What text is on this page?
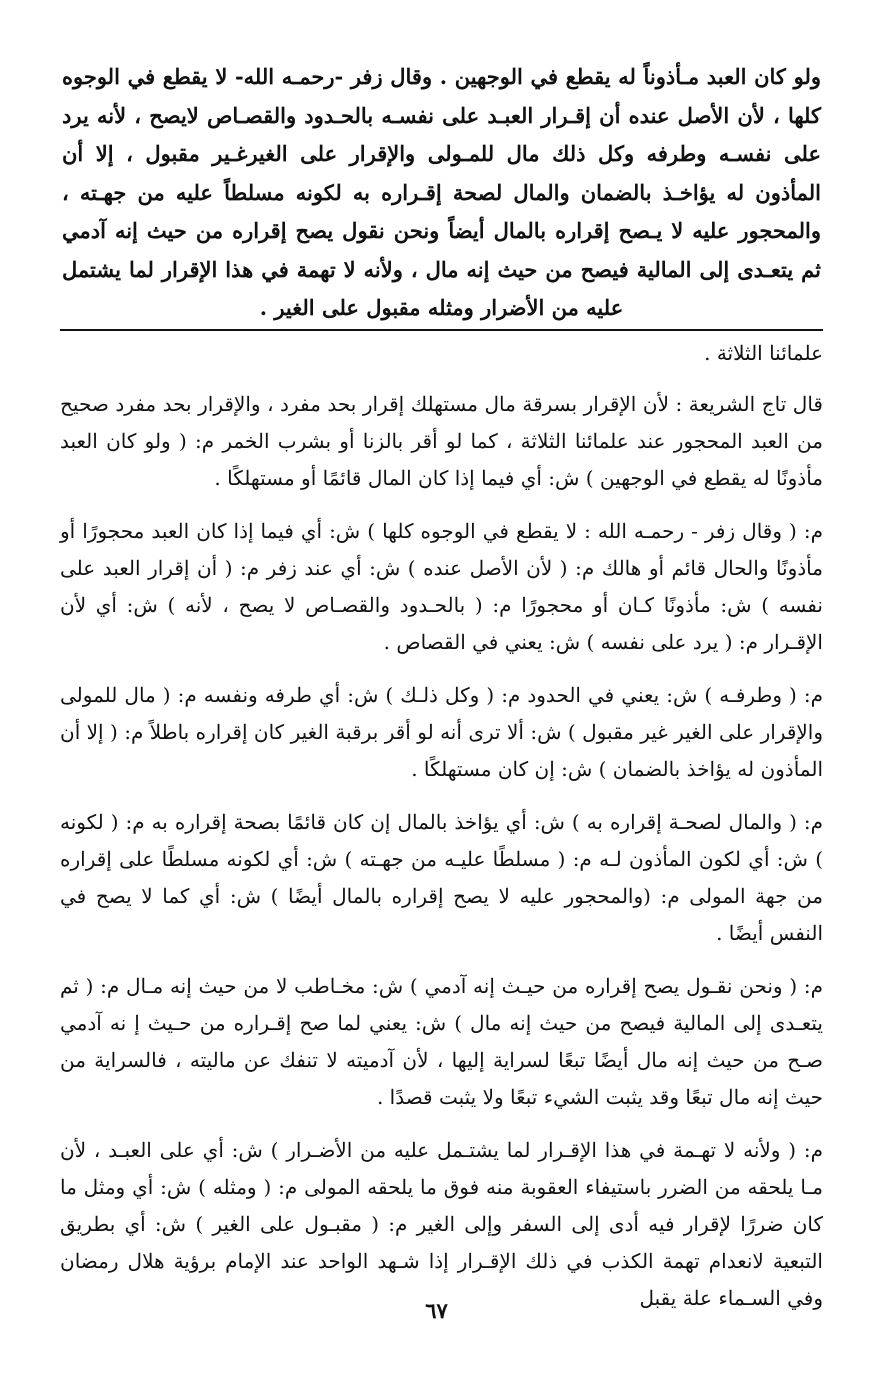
ولو كان العبد مـأذوناً له يقطع في الوجهين . وقال زفر -رحمـه الله- لا يقطع في الوجوه كلها ، لأن الأصل عنده أن إقـرار العبـد على نفسـه بالحـدود والقصـاص لايصح ، لأنه يرد على نفسـه وطرفه وكل ذلك مال للمـولى والإقرار على الغيرغـير مقبول ، إلا أن المأذون له يؤاخـذ بالضمان والمال لصحة إقـراره به لكونه مسلطاً عليه من جهـته ، والمحجور عليه لا يـصح إقراره بالمال أيضاً ونحن نقول يصح إقراره من حيث إنه آدمي ثم يتعـدى إلى المالية فيصح من حيث إنه مال ، ولأنه لا تهمة في هذا الإقرار لما يشتمل عليه من الأضرار ومثله مقبول على الغير .

علمائنا الثلاثة .

قال تاج الشريعة : لأن الإقرار بسرقة مال مستهلك إقرار بحد مفرد ، والإقرار بحد مفرد صحيح من العبد المحجور عند علمائنا الثلاثة ، كما لو أقر بالزنا أو بشرب الخمر م: ( ولو كان العبد مأذونًا له يقطع في الوجهين ) ش: أي فيما إذا كان المال قائمًا أو مستهلكًا .

م: ( وقال زفر - رحمـه الله : لا يقطع في الوجوه كلها ) ش: أي فيما إذا كان العبد محجورًا أو مأذونًا والحال قائم أو هالك م: ( لأن الأصل عنده ) ش: أي عند زفر م: ( أن إقرار العبد على نفسه ) ش: مأذونًا كـان أو محجورًا م: ( بالحـدود والقصـاص لا يصح ، لأنه ) ش: أي لأن الإقـرار م: ( يرد على نفسه ) ش: يعني في القصاص .

م: ( وطرفـه ) ش: يعني في الحدود م: ( وكل ذلـك ) ش: أي طرفه ونفسه م: ( مال للمولى والإقرار على الغير غير مقبول ) ش: ألا ترى أنه لو أقر برقبة الغير كان إقراره باطلاً م: ( إلا أن المأذون له يؤاخذ بالضمان ) ش: إن كان مستهلكًا .

م: ( والمال لصحـة إقراره به ) ش: أي يؤاخذ بالمال إن كان قائمًا بصحة إقراره به م: ( لكونه ) ش: أي لكون المأذون لـه م: ( مسلطًا عليـه من جهـته ) ش: أي لكونه مسلطًا على إقراره من جهة المولى م: (والمحجور عليه لا يصح إقراره بالمال أيضًا ) ش: أي كما لا يصح في النفس أيضًا .

م: ( ونحن نقـول يصح إقراره من حيـث إنه آدمي ) ش: مخـاطب لا من حيث إنه مـال م: ( ثم يتعـدى إلى المالية فيصح من حيث إنه مال ) ش: يعني لما صح إقـراره من حـيث إ نه آدمي صـح من حيث إنه مال أيضًا تبعًا لسراية إليها ، لأن آدميته لا تنفك عن ماليته ، فالسراية من حيث إنه مال تبعًا وقد يثبت الشيء تبعًا ولا يثبت قصدًا .

م: ( ولأنه لا تهـمة في هذا الإقـرار لما يشتـمل عليه من الأضـرار ) ش: أي على العبـد ، لأن مـا يلحقه من الضرر باستيفاء العقوبة منه فوق ما يلحقه المولى م: ( ومثله ) ش: أي ومثل ما كان ضررًا لإقرار فيه أدى إلى السفر وإلى الغير م: ( مقبـول على الغير ) ش: أي بطريق التبعية لانعدام تهمة الكذب في ذلك الإقـرار إذا شـهد الواحد عند الإمام برؤية هلال رمضان وفي السـماء علة يقبل

٦٧
